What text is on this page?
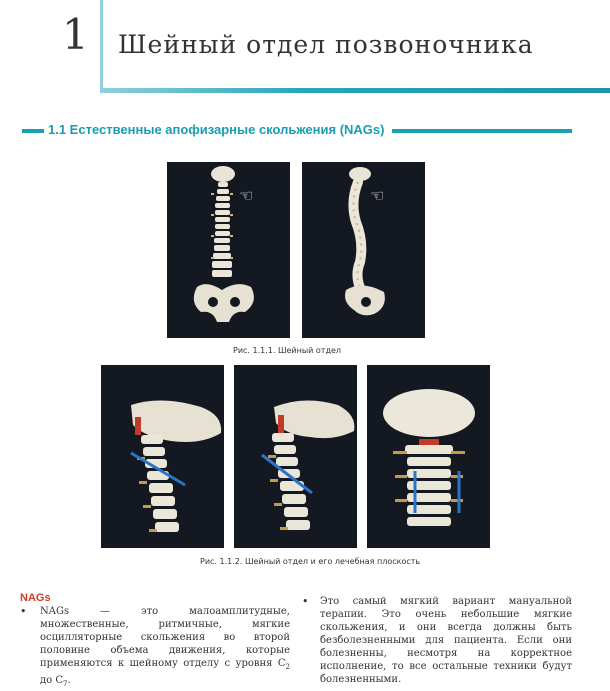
1 Шейный отдел позвоночника
1.1 Естественные апофизарные скольжения (NAGs)
☜	☜
Рис. 1.1.1. Шейный отдел
Рис. 1.1.2. Шейный отдел и его лечебная плоскость
NAGs
• NAGs — это малоамплитудные, множественные, ритмичные, мягкие осцилляторные скольжения во второй половине объема движения, которые применяются к шейному отделу с уровня $C_2$ до $C_7$.
• Это самый мягкий вариант мануальной терапии. Это очень небольшие мягкие скольжения, и они всегда должны быть безболезненными для пациента. Если они болезненны, несмотря на корректное исполнение, то все остальные техники будут болезненными.
